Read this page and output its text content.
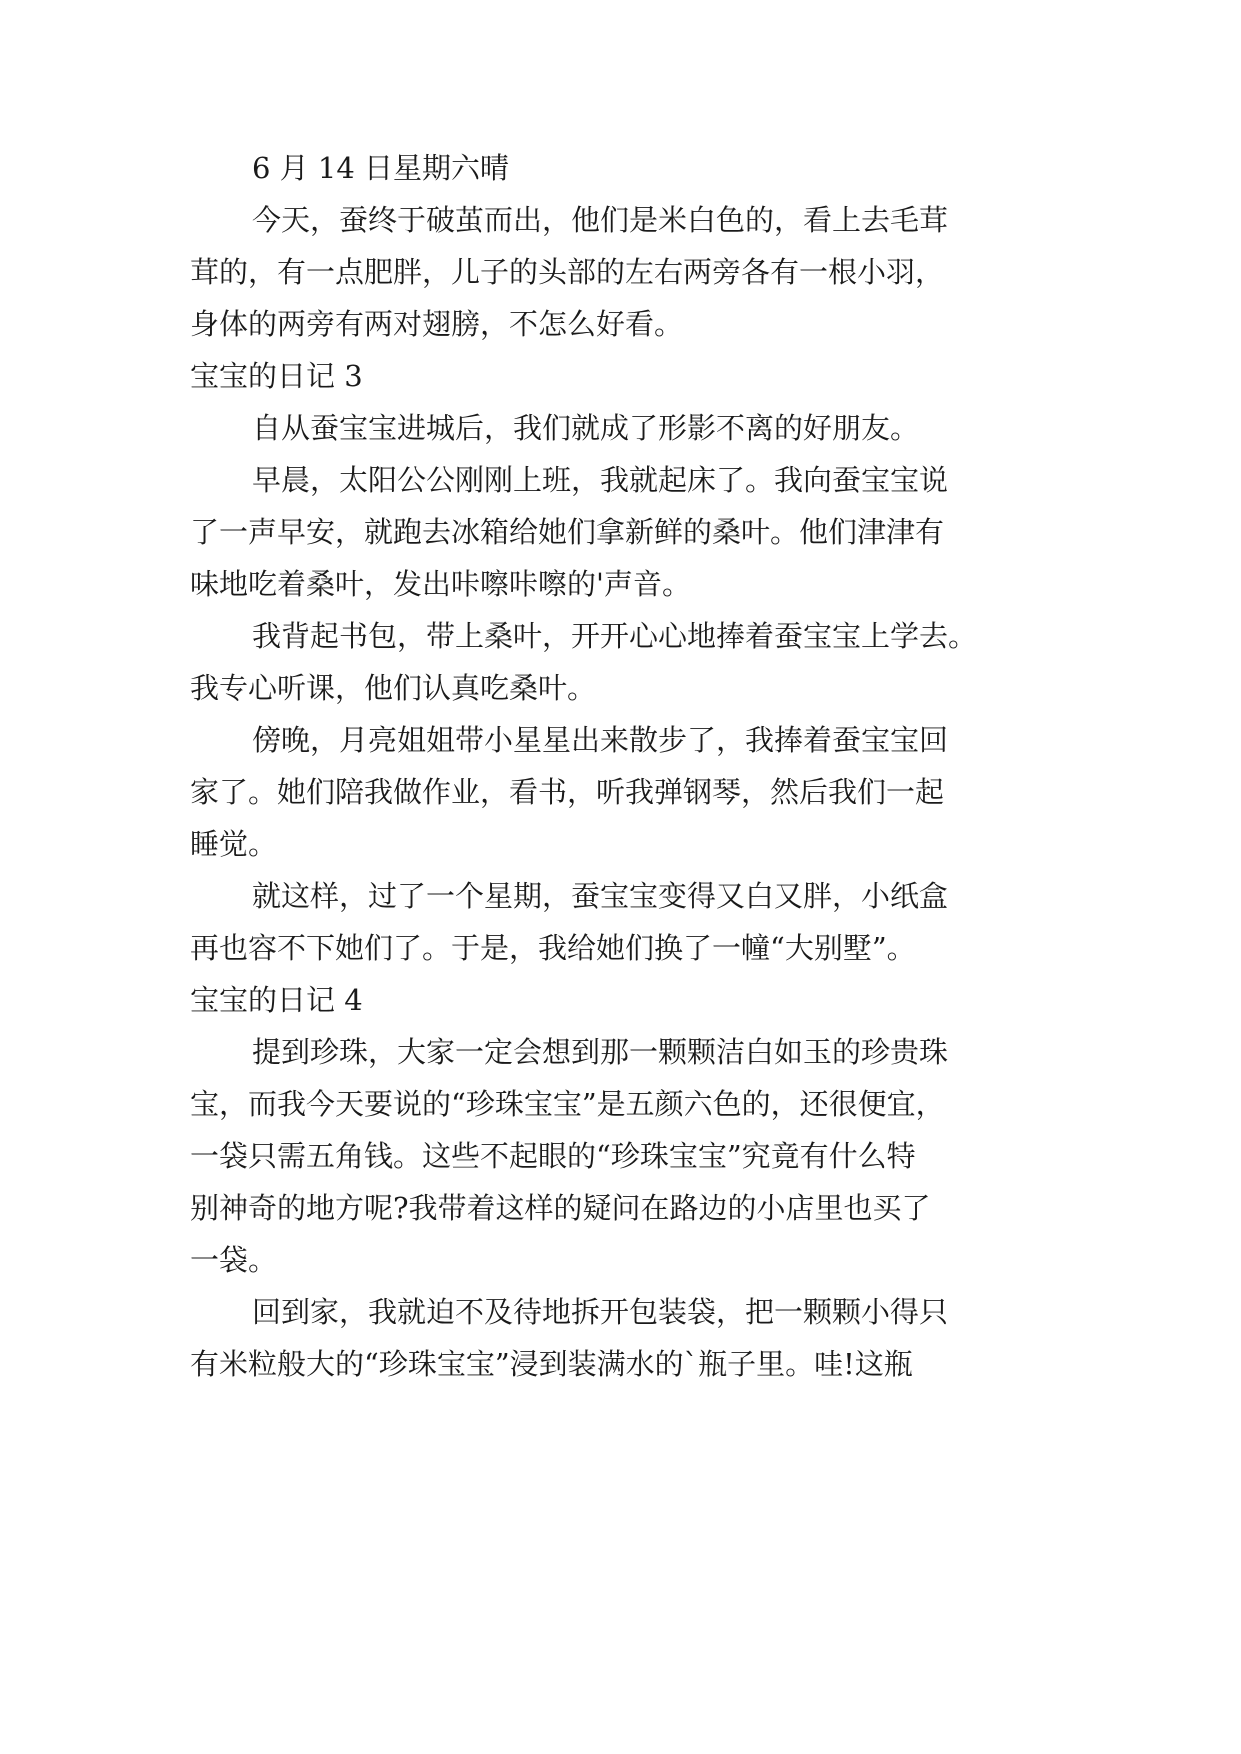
6 月 14 日星期六晴

今天，蚕终于破茧而出，他们是米白色的，看上去毛茸

茸的，有一点肥胖，儿子的头部的左右两旁各有一根小羽，

身体的两旁有两对翅膀，不怎么好看。

宝宝的日记 3

自从蚕宝宝进城后，我们就成了形影不离的好朋友。

早晨，太阳公公刚刚上班，我就起床了。我向蚕宝宝说

了一声早安，就跑去冰箱给她们拿新鲜的桑叶。他们津津有

味地吃着桑叶，发出咔嚓咔嚓的'声音。

我背起书包，带上桑叶，开开心心地捧着蚕宝宝上学去。

我专心听课，他们认真吃桑叶。

傍晚，月亮姐姐带小星星出来散步了，我捧着蚕宝宝回

家了。她们陪我做作业，看书，听我弹钢琴，然后我们一起

睡觉。

就这样，过了一个星期，蚕宝宝变得又白又胖，小纸盒

再也容不下她们了。于是，我给她们换了一幢“大别墅”。

宝宝的日记 4

提到珍珠，大家一定会想到那一颗颗洁白如玉的珍贵珠

宝，而我今天要说的“珍珠宝宝”是五颜六色的，还很便宜，

一袋只需五角钱。这些不起眼的“珍珠宝宝”究竟有什么特

别神奇的地方呢?我带着这样的疑问在路边的小店里也买了

一袋。

回到家，我就迫不及待地拆开包装袋，把一颗颗小得只

有米粒般大的“珍珠宝宝”浸到装满水的`瓶子里。哇!这瓶
